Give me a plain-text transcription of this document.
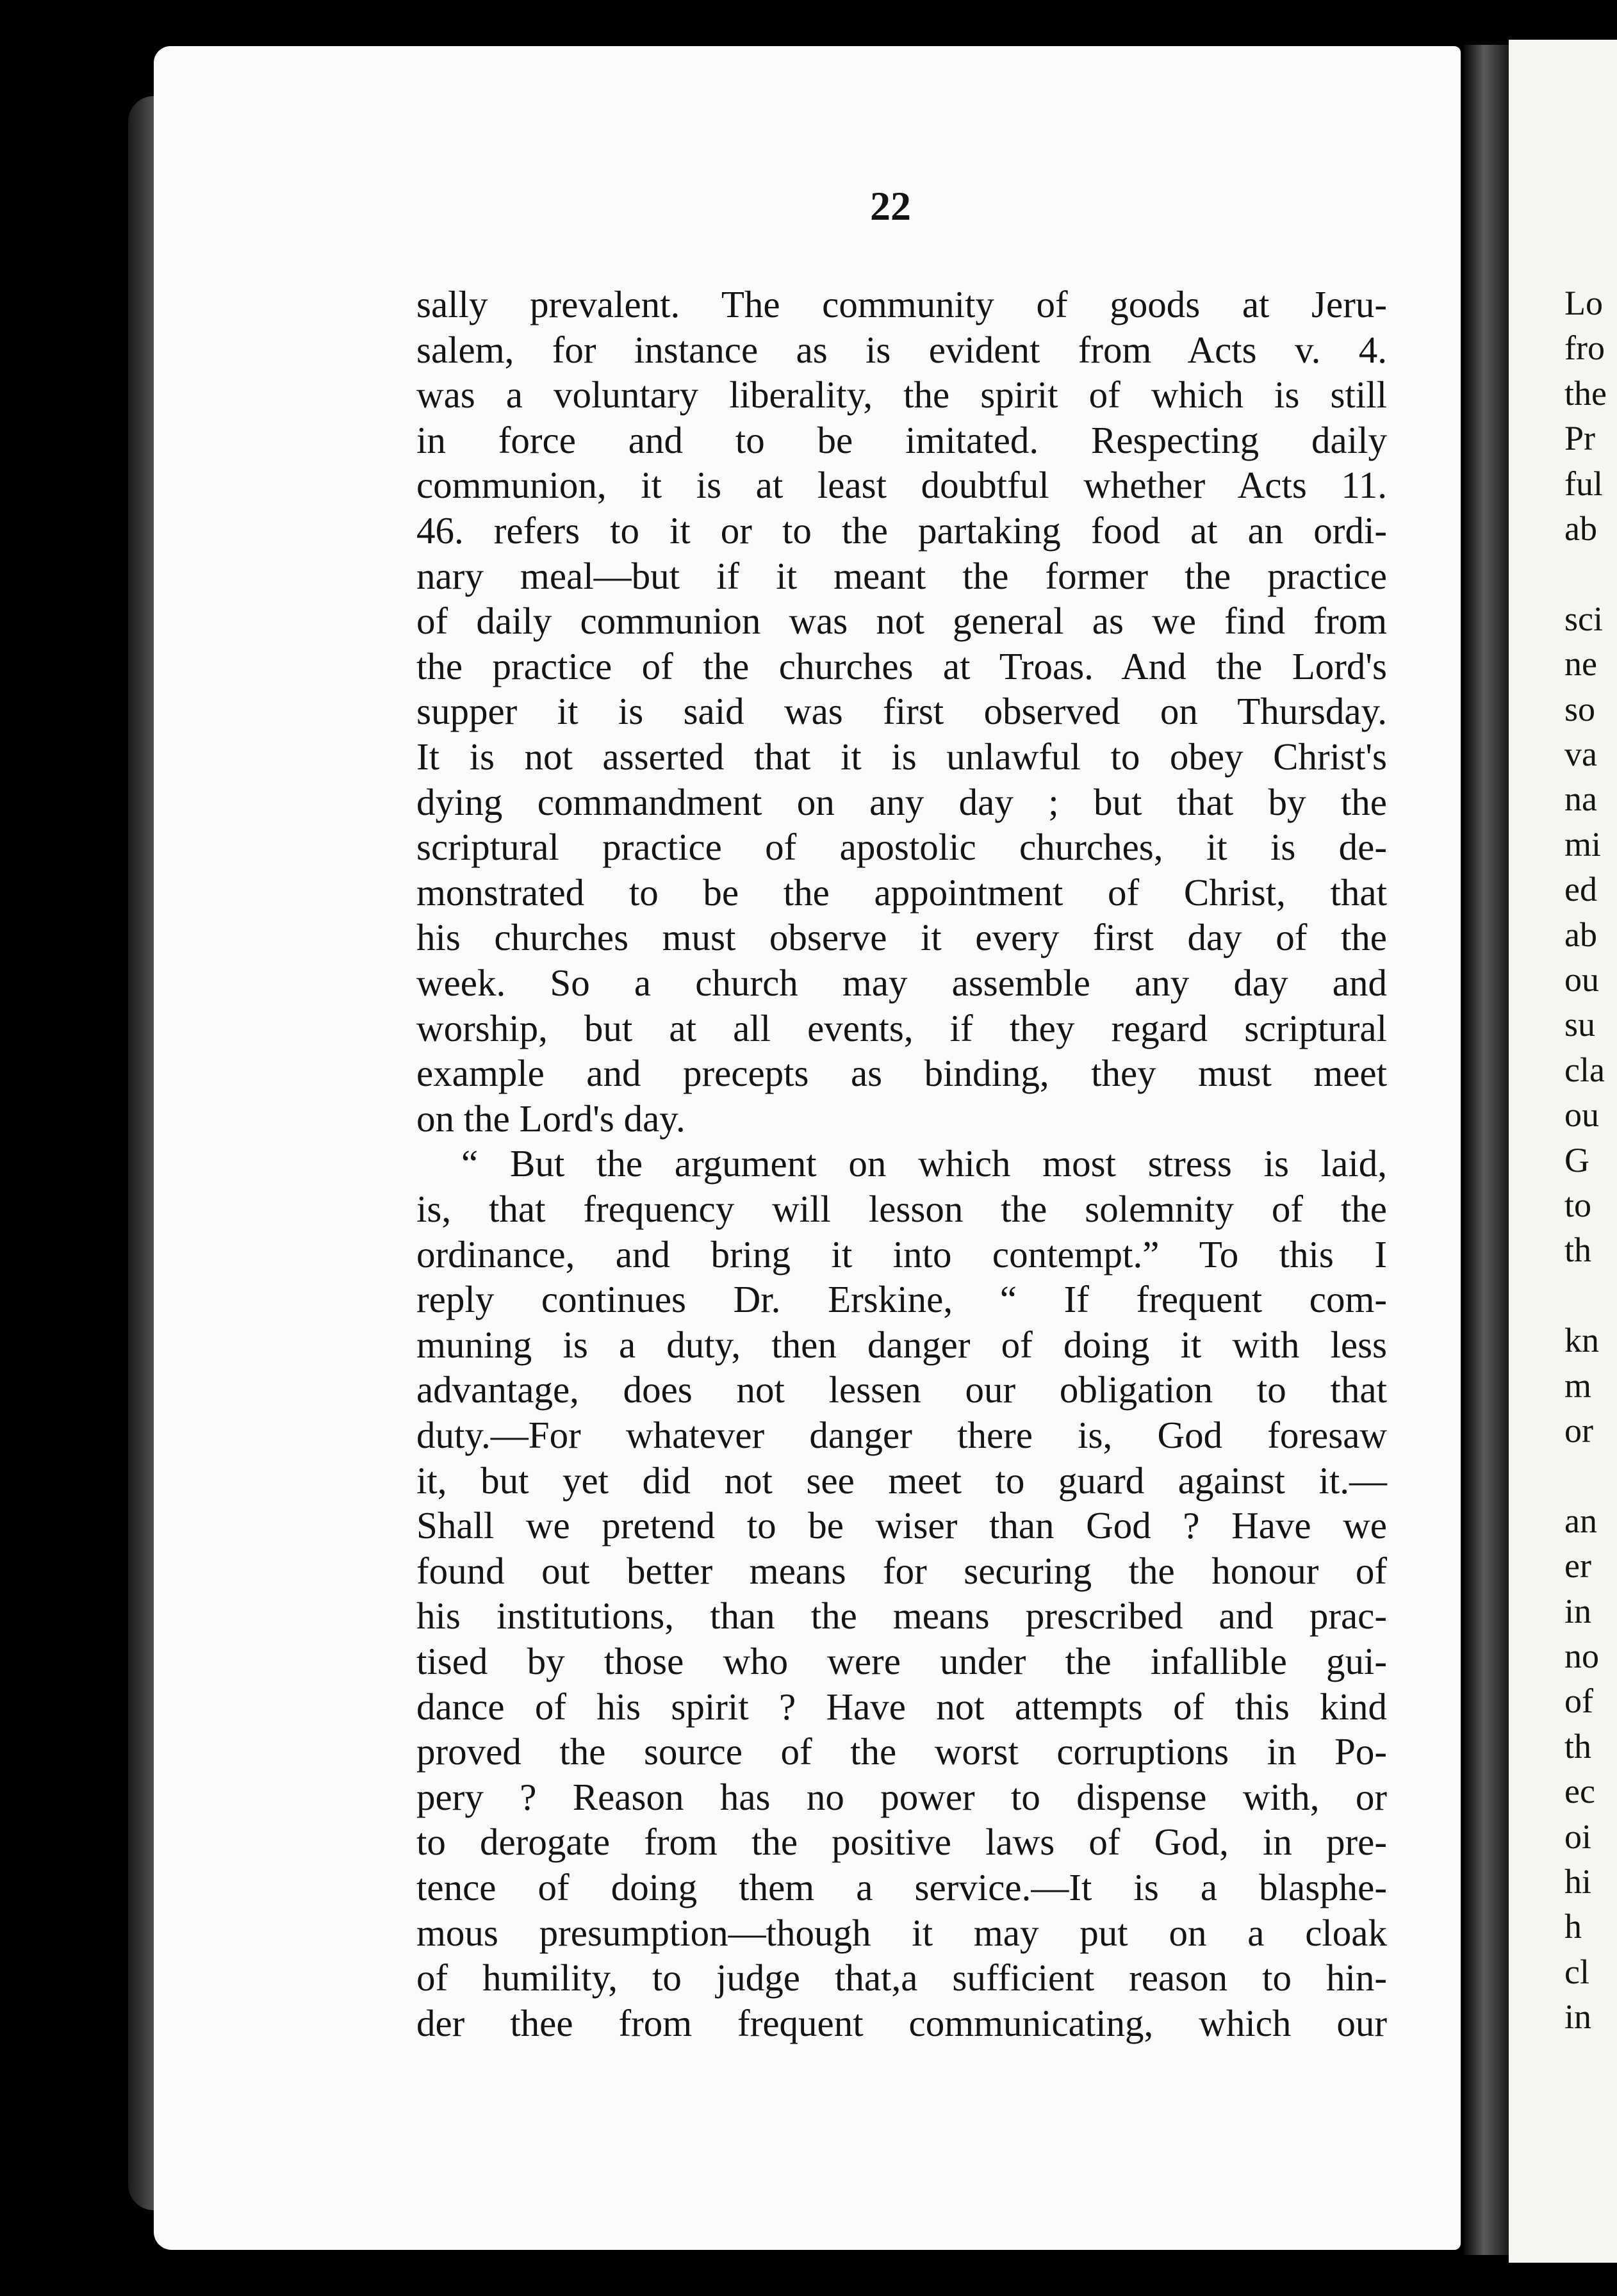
22

sally prevalent. The community of goods at Jeru-

salem, for instance as is evident from Acts v. 4.

was a voluntary liberality, the spirit of which is still

in force and to be imitated. Respecting daily

communion, it is at least doubtful whether Acts 11.

46. refers to it or to the partaking food at an ordi-

nary meal—but if it meant the former the practice

of daily communion was not general as we find from

the practice of the churches at Troas. And the Lord's

supper it is said was first observed on Thursday.

It is not asserted that it is unlawful to obey Christ's

dying commandment on any day ; but that by the

scriptural practice of apostolic churches, it is de-

monstrated to be the appointment of Christ, that

his churches must observe it every first day of the

week. So a church may assemble any day and

worship, but at all events, if they regard scriptural

example and precepts as binding, they must meet

on the Lord's day.

“ But the argument on which most stress is laid,

is, that frequency will lesson the solemnity of the

ordinance, and bring it into contempt.” To this I

reply continues Dr. Erskine, “ If frequent com-

muning is a duty, then danger of doing it with less

advantage, does not lessen our obligation to that

duty.—For whatever danger there is, God foresaw

it, but yet did not see meet to guard against it.—

Shall we pretend to be wiser than God ? Have we

found out better means for securing the honour of

his institutions, than the means prescribed and prac-

tised by those who were under the infallible gui-

dance of his spirit ? Have not attempts of this kind

proved the source of the worst corruptions in Po-

pery ? Reason has no power to dispense with, or

to derogate from the positive laws of God, in pre-

tence of doing them a service.—It is a blasphe-

mous presumption—though it may put on a cloak

of humility, to judge that,a sufficient reason to hin-

der thee from frequent communicating, which our

Lo
fro
the
Pr
ful
ab
sci
ne
so
va
na
mi
ed
ab
ou
su
cla
ou
G
to
th
kn
m
or
an
er
in
no
of
th
ec
oi
hi
h
cl
in
